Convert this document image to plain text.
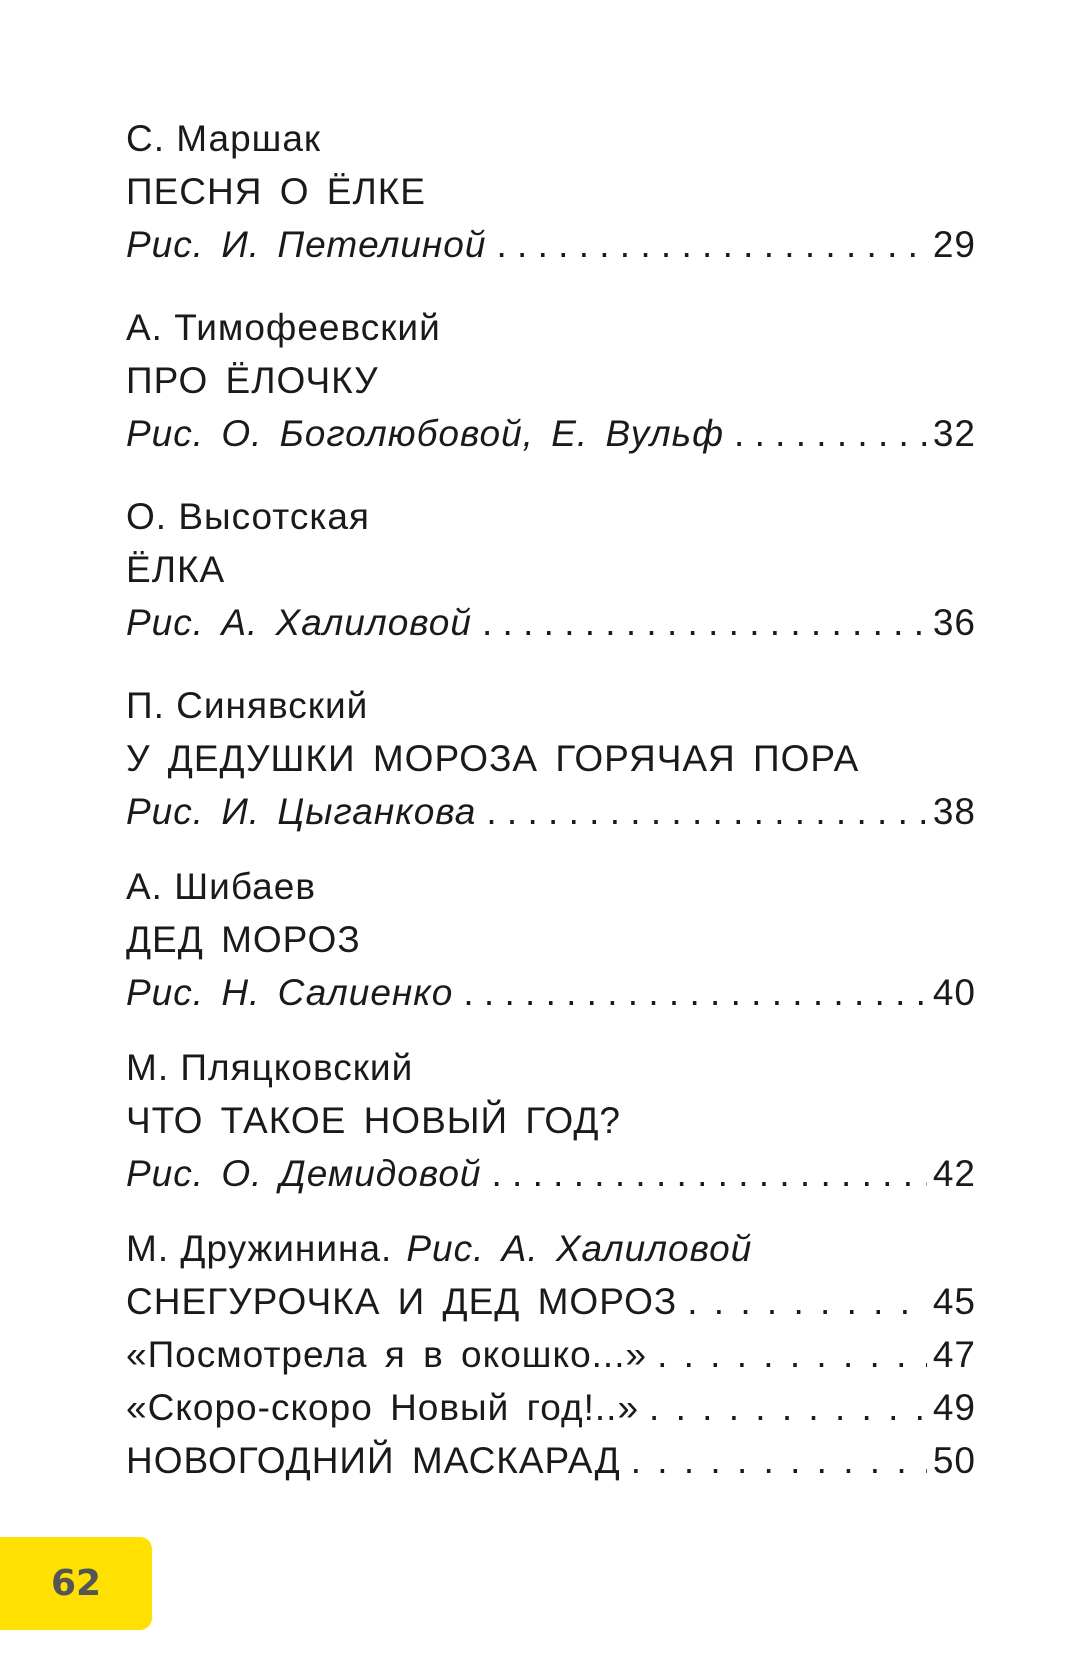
С. Маршак
ПЕСНЯ О ЁЛКЕ
Рис. И. Петелиной . . .	29
А. Тимофеевский
ПРО ЁЛОЧКУ
Рис. О. Боголюбовой, Е. Вульф . . .	32
О. Высотская
ЁЛКА
Рис. А. Халиловой . . .	36
П. Синявский
У ДЕДУШКИ МОРОЗА ГОРЯЧАЯ ПОРА
Рис. И. Цыганкова . . .	38
А. Шибаев
ДЕД МОРОЗ
Рис. Н. Салиенко . . .	40
М. Пляцковский
ЧТО ТАКОЕ НОВЫЙ ГОД?
Рис. О. Демидовой . . .	42
М. Дружинина. Рис. А. Халиловой
СНЕГУРОЧКА И ДЕД МОРОЗ . . .	45
«Посмотрела я в окошко...» . . .	47
«Скоро-скоро Новый год!..» . . .	49
НОВОГОДНИЙ МАСКАРАД . . .	50
62
